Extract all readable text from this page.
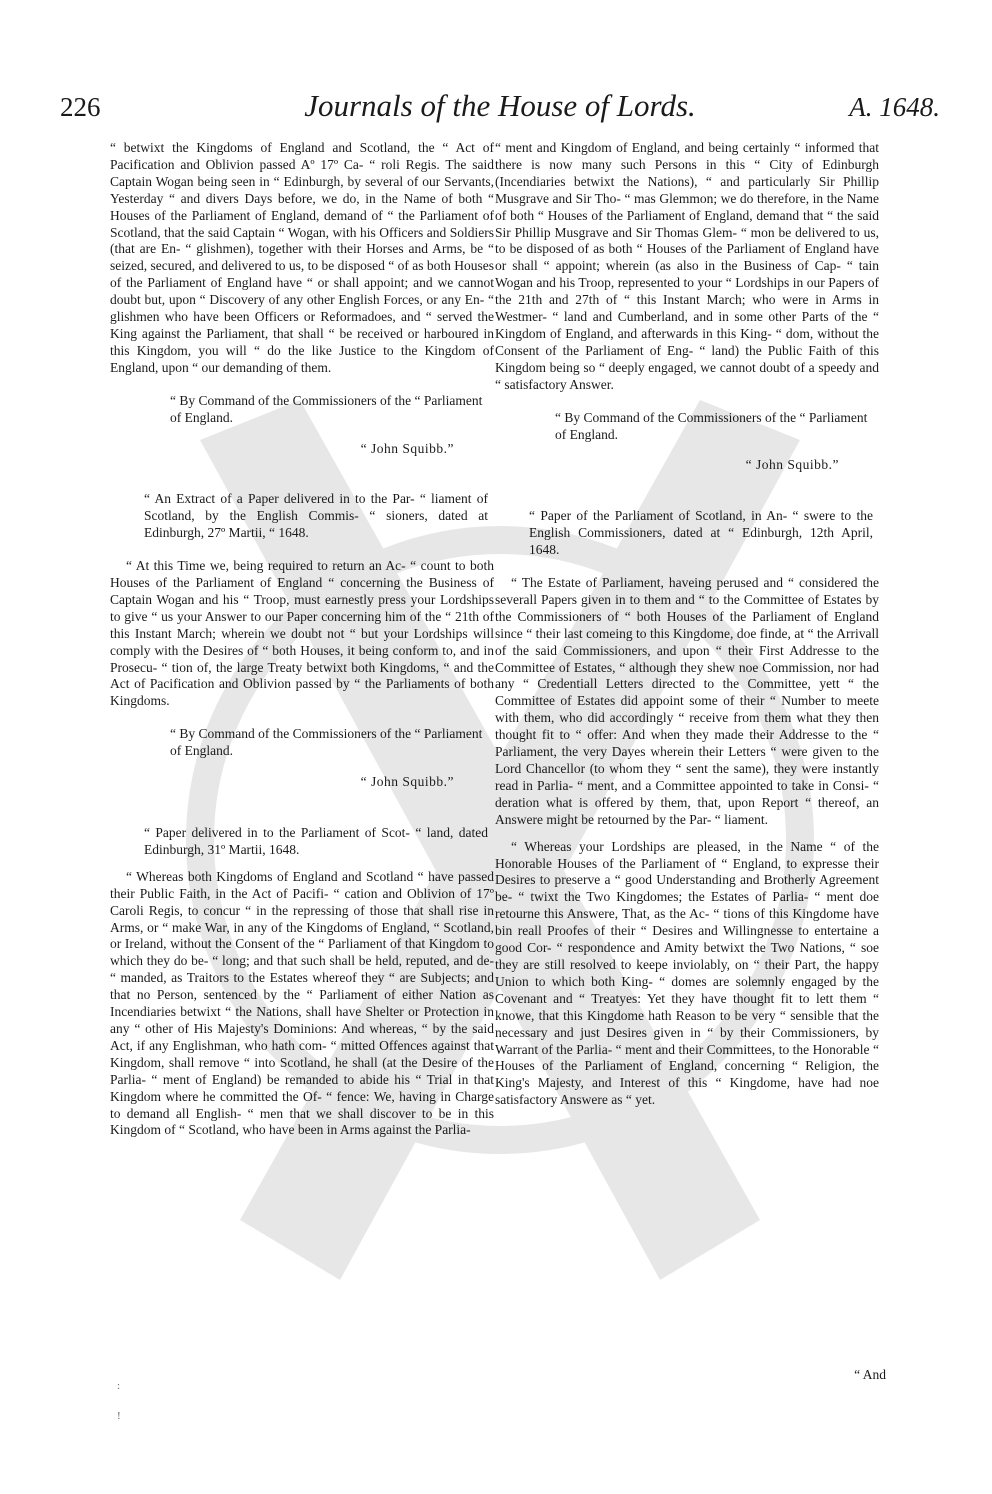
226	Journals of the House of Lords.	A. 1648.

“ betwixt the Kingdoms of England and Scotland, the “ Act of Pacification and Oblivion passed Aº 17º Ca- “ roli Regis. The said Captain Wogan being seen in “ Edinburgh, by several of our Servants, Yesterday “ and divers Days before, we do, in the Name of both “ Houses of the Parliament of England, demand of “ the Parliament of Scotland, that the said Captain “ Wogan, with his Officers and Soldiers (that are En- “ glishmen), together with their Horses and Arms, be “ seized, secured, and delivered to us, to be disposed “ of as both Houses of the Parliament of England have “ or shall appoint; and we cannot doubt but, upon “ Discovery of any other English Forces, or any En- “ glishmen who have been Officers or Reformadoes, and “ served the King against the Parliament, that shall “ be received or harboured in this Kingdom, you will “ do the like Justice to the Kingdom of England, upon “ our demanding of them.

“ By Command of the Commissioners of the “ Parliament of England.

“ John Squibb.”

“ An Extract of a Paper delivered in to the Par- “ liament of Scotland, by the English Commis- “ sioners, dated at Edinburgh, 27º Martii, “ 1648.

“ At this Time we, being required to return an Ac- “ count to both Houses of the Parliament of England “ concerning the Business of Captain Wogan and his “ Troop, must earnestly press your Lordships to give “ us your Answer to our Paper concerning him of the “ 21th of this Instant March; wherein we doubt not “ but your Lordships will comply with the Desires of “ both Houses, it being conform to, and in Prosecu- “ tion of, the large Treaty betwixt both Kingdoms, “ and the Act of Pacification and Oblivion passed by “ the Parliaments of both Kingdoms.

“ By Command of the Commissioners of the “ Parliament of England.

“ John Squibb.”

“ Paper delivered in to the Parliament of Scot- “ land, dated Edinburgh, 31º Martii, 1648.

“ Whereas both Kingdoms of England and Scotland “ have passed their Public Faith, in the Act of Pacifi- “ cation and Oblivion of 17º Caroli Regis, to concur “ in the repressing of those that shall rise in Arms, or “ make War, in any of the Kingdoms of England, “ Scotland, or Ireland, without the Consent of the “ Parliament of that Kingdom to which they do be- “ long; and that such shall be held, reputed, and de- “ manded, as Traitors to the Estates whereof they “ are Subjects; and that no Person, sentenced by the “ Parliament of either Nation as Incendiaries betwixt “ the Nations, shall have Shelter or Protection in any “ other of His Majesty's Dominions: And whereas, “ by the said Act, if any Englishman, who hath com- “ mitted Offences against that Kingdom, shall remove “ into Scotland, he shall (at the Desire of the Parlia- “ ment of England) be remanded to abide his “ Trial in that Kingdom where he committed the Of- “ fence: We, having in Charge to demand all English- “ men that we shall discover to be in this Kingdom of “ Scotland, who have been in Arms against the Parlia-

“ ment and Kingdom of England, and being certainly “ informed that there is now many such Persons in this “ City of Edinburgh (Incendiaries betwixt the Nations), “ and particularly Sir Phillip Musgrave and Sir Tho- “ mas Glemmon; we do therefore, in the Name of both “ Houses of the Parliament of England, demand that “ the said Sir Phillip Musgrave and Sir Thomas Glem- “ mon be delivered to us, to be disposed of as both “ Houses of the Parliament of England have or shall “ appoint; wherein (as also in the Business of Cap- “ tain Wogan and his Troop, represented to your “ Lordships in our Papers of the 21th and 27th of “ this Instant March; who were in Arms in Westmer- “ land and Cumberland, and in some other Parts of the “ Kingdom of England, and afterwards in this King- “ dom, without the Consent of the Parliament of Eng- “ land) the Public Faith of this Kingdom being so “ deeply engaged, we cannot doubt of a speedy and “ satisfactory Answer.

“ By Command of the Commissioners of the “ Parliament of England.

“ John Squibb.”

“ Paper of the Parliament of Scotland, in An- “ swere to the English Commissioners, dated at “ Edinburgh, 12th April, 1648.

“ The Estate of Parliament, haveing perused and “ considered the severall Papers given in to them and “ to the Committee of Estates by the Commissioners of “ both Houses of the Parliament of England since “ their last comeing to this Kingdome, doe finde, at “ the Arrivall of the said Commissioners, and upon “ their First Addresse to the Committee of Estates, “ although they shew noe Commission, nor had any “ Credentiall Letters directed to the Committee, yett “ the Committee of Estates did appoint some of their “ Number to meete with them, who did accordingly “ receive from them what they then thought fit to “ offer: And when they made their Addresse to the “ Parliament, the very Dayes wherein their Letters “ were given to the Lord Chancellor (to whom they “ sent the same), they were instantly read in Parlia- “ ment, and a Committee appointed to take in Consi- “ deration what is offered by them, that, upon Report “ thereof, an Answere might be retourned by the Par- “ liament.

“ Whereas your Lordships are pleased, in the Name “ of the Honorable Houses of the Parliament of “ England, to expresse their Desires to preserve a “ good Understanding and Brotherly Agreement be- “ twixt the Two Kingdomes; the Estates of Parlia- “ ment doe retourne this Answere, That, as the Ac- “ tions of this Kingdome have bin reall Proofes of their “ Desires and Willingnesse to entertaine a good Cor- “ respondence and Amity betwixt the Two Nations, “ soe they are still resolved to keepe inviolably, on “ their Part, the happy Union to which both King- “ domes are solemnly engaged by the Covenant and “ Treatyes: Yet they have thought fit to lett them “ knowe, that this Kingdome hath Reason to be very “ sensible that the necessary and just Desires given in “ by their Commissioners, by Warrant of the Parlia- “ ment and their Committees, to the Honorable “ Houses of the Parliament of England, concerning “ Religion, the King's Majesty, and Interest of this “ Kingdome, have had noe satisfactory Answere as “ yet.

“ And
:
!
